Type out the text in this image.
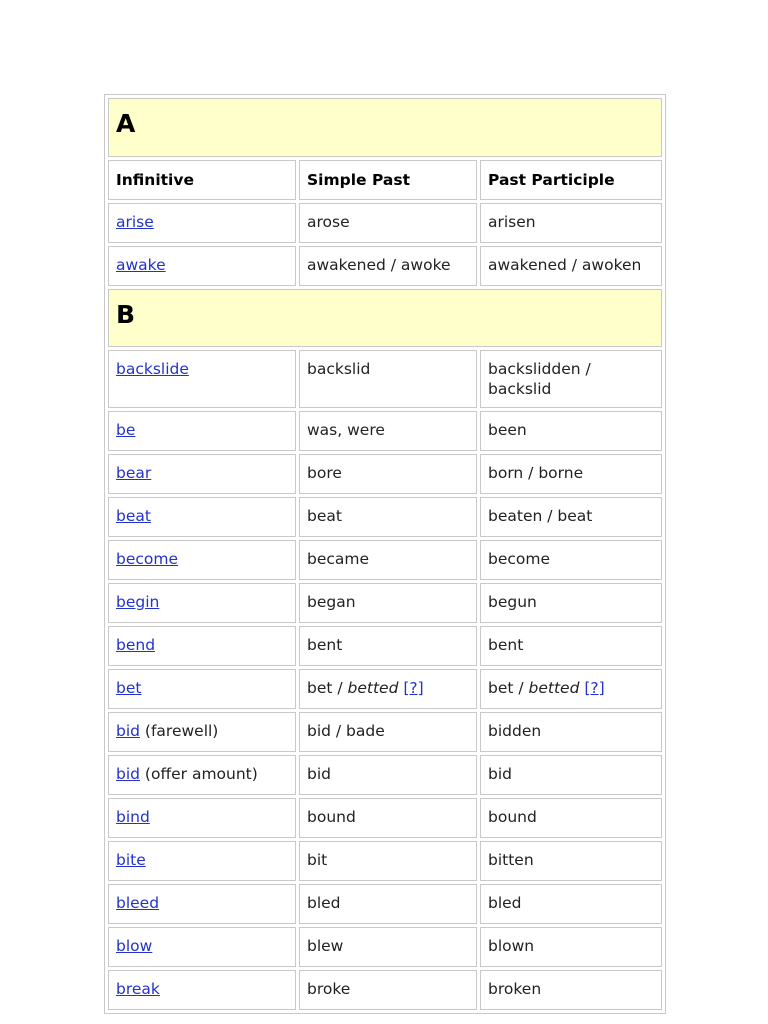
A		
Infinitive	Simple Past	Past Participle
arise	arose	arisen
awake	awakened / awoke	awakened / awoken
B		
backslide	backslid	backslidden / backslid
be	was, were	been
bear	bore	born / borne
beat	beat	beaten / beat
become	became	become
begin	began	begun
bend	bent	bent
bet	bet / betted [?]	bet / betted [?]
bid (farewell)	bid / bade	bidden
bid (offer amount)	bid	bid
bind	bound	bound
bite	bit	bitten
bleed	bled	bled
blow	blew	blown
break	broke	broken
